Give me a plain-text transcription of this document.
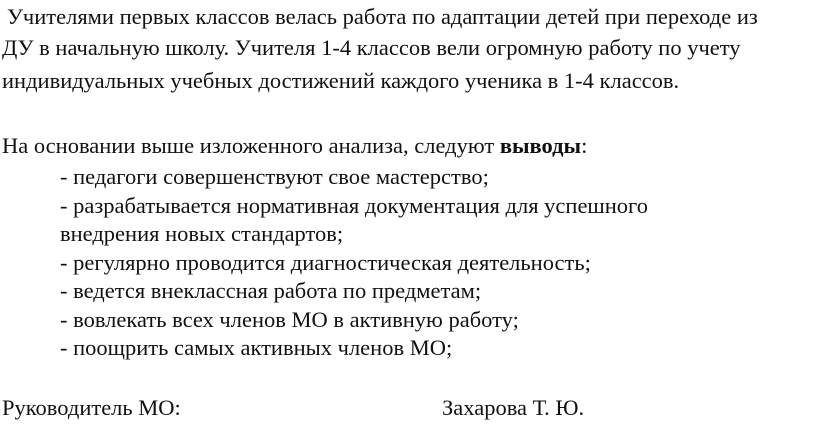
Учителями первых классов велась работа по адаптации детей при переходе из
ДУ в начальную школу. Учителя 1-4 классов вели огромную работу по учету
индивидуальных учебных достижений каждого ученика в 1-4 классов.
На основании выше изложенного анализа, следуют выводы:
- педагоги совершенствуют свое мастерство;
- разрабатывается нормативная документация для успешного
внедрения новых стандартов;
- регулярно проводится диагностическая деятельность;
- ведется внеклассная работа по предметам;
- вовлекать всех членов МО в активную работу;
- поощрить самых активных членов МО;
Руководитель МО:	Захарова Т. Ю.
